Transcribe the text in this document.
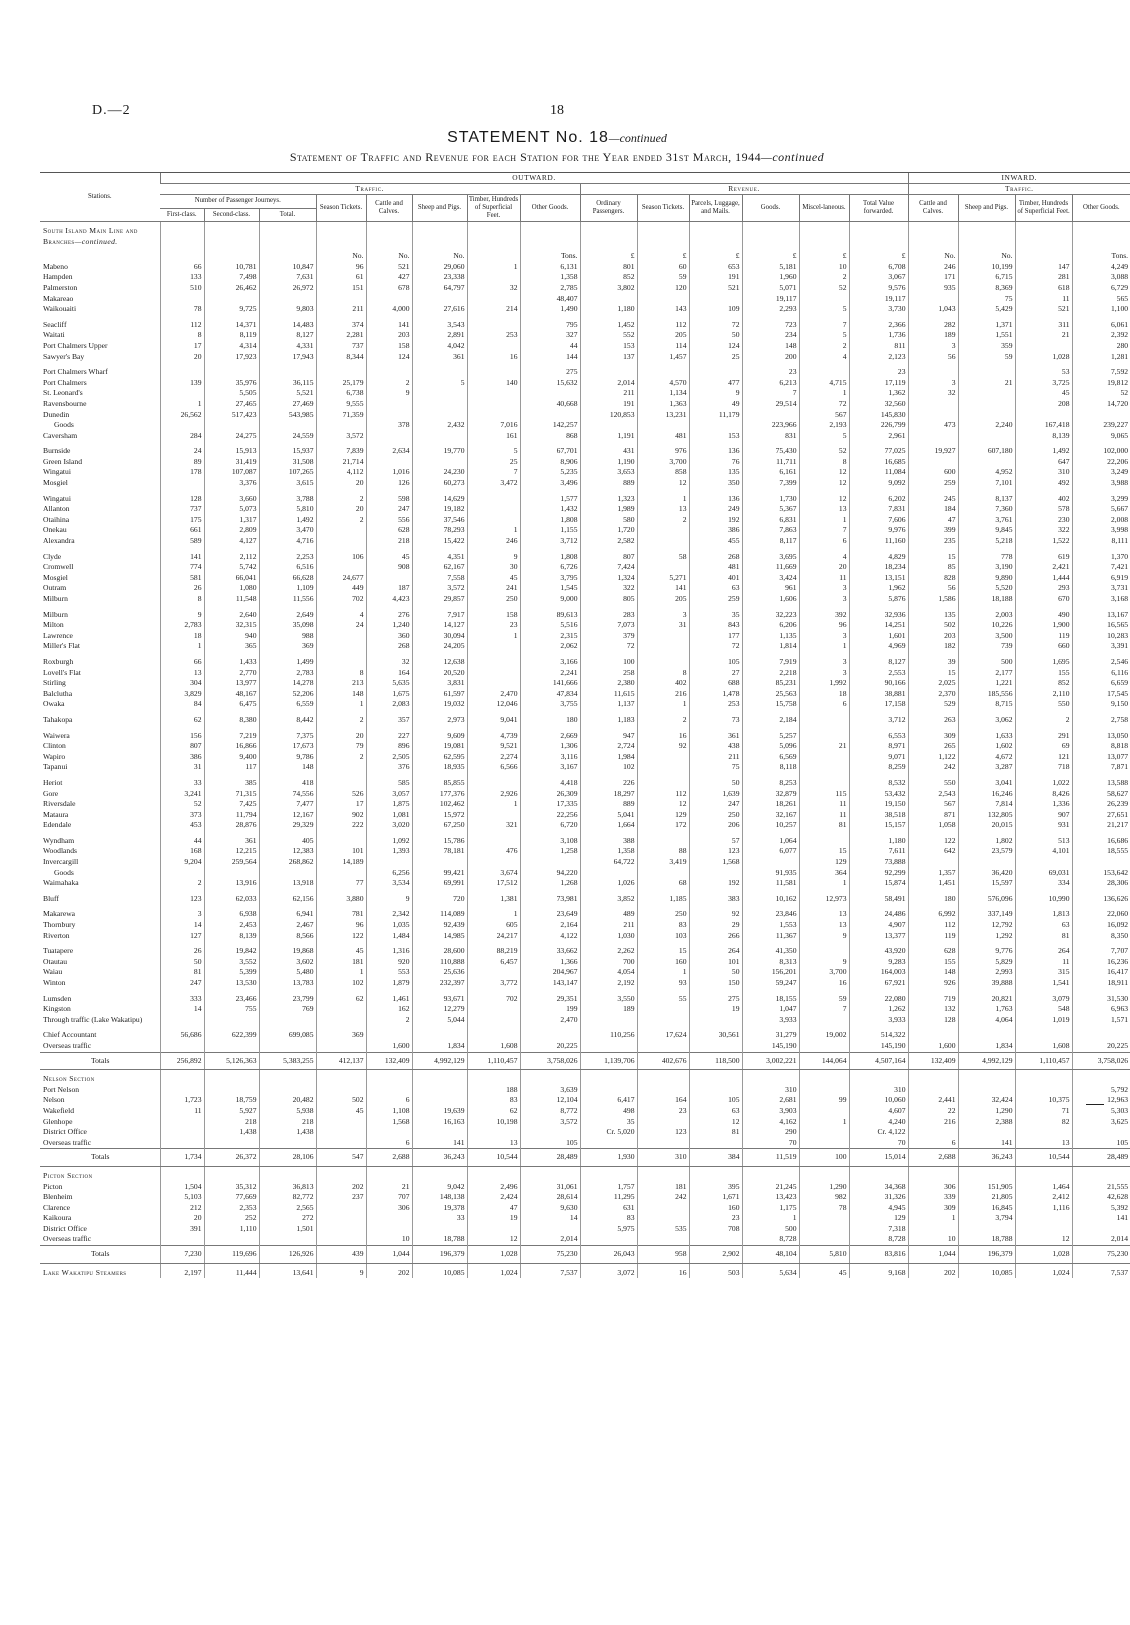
D.—2	18
STATEMENT No. 18—continued
Statement of Traffic and Revenue for each Station for the Year ended 31st March, 1944—continued
Stations.	OUTWARD.														INWARD.			
	Traffic.								Revenue.						Traffic.			
	Number of Passenger Journeys.			Season Tickets.	Cattle and Calves.	Sheep and Pigs.	Timber, Hundreds of Superficial Feet.	Other Goods.	Ordinary Passengers.	Season Tickets.	Parcels, Luggage, and Mails.	Goods.	Miscel-laneous.	Total Value forwarded.	Cattle and Calves.	Sheep and Pigs.	Timber, Hundreds of Superficial Feet.	Other Goods.
	First-class.	Second-class.	Total.															
South Island Main Line and Branches—continued.																		
				No.	No.	No.		Tons.	£	£	£	£	£	£	No.	No.		Tons.
Mabeno	66	10,781	10,847	96	521	29,060	1	6,131	801	60	653	5,181	10	6,708	246	10,199	147	4,249
Hampden	133	7,498	7,631	61	427	23,338		1,358	852	59	191	1,960	2	3,067	171	6,715	281	3,088
Palmerston	510	26,462	26,972	151	678	64,797	32	2,785	3,802	120	521	5,071	52	9,576	935	8,369	618	6,729
Makareao								48,407				19,117		19,117		75	11	565
Waikouaiti	78	9,725	9,803	211	4,000	27,616	214	1,490	1,180	143	109	2,293	5	3,730	1,043	5,429	521	1,100

Seacliff	112	14,371	14,483	374	141	3,543		795	1,452	112	72	723	7	2,366	282	1,371	311	6,061
Waitati	8	8,119	8,127	2,281	203	2,891	253	327	552	205	50	234	5	1,736	189	1,551	21	2,392
Port Chalmers Upper	17	4,314	4,331	737	158	4,042		44	153	114	124	148	2	811	3	359		280
Sawyer's Bay	20	17,923	17,943	8,344	124	361	16	144	137	1,457	25	200	4	2,123	56	59	1,028	1,281

Port Chalmers Wharf								275				23		23			53	7,592
Port Chalmers	139	35,976	36,115	25,179	2	5	140	15,632	2,014	4,570	477	6,213	4,715	17,119	3	21	3,725	19,812
St. Leonard's		5,505	5,521	6,738	9				211	1,134	9	7	1	1,362	32		45	52
Ravensbourne	1	27,465	27,469	9,555				40,668	191	1,363	49	29,514	72	32,560			208	14,720
Dunedin	26,562	517,423	543,985	71,359					120,853	13,231	11,179		567	145,830				
Goods					378	2,432	7,016	142,257				223,966	2,193	226,799	473	2,240	167,418	239,227
Caversham	284	24,275	24,559	3,572			161	868	1,191	481	153	831	5	2,961			8,139	9,065

Burnside	24	15,913	15,937	7,839	2,634	19,770	5	67,701	431	976	136	75,430	52	77,025	19,927	607,180	1,492	102,000
Green Island	89	31,419	31,508	21,714			25	8,906	1,190	3,700	76	11,711	8	16,685			647	22,206
Wingatui	178	107,087	107,265	4,112	1,016	24,230	7	5,235	3,653	858	135	6,161	12	11,084	600	4,952	310	3,249
Mosgiel		3,376	3,615	20	126	60,273	3,472	3,496	889	12	350	7,399	12	9,092	259	7,101	492	3,988

Wingatui	128	3,660	3,788	2	598	14,629		1,577	1,323	1	136	1,730	12	6,202	245	8,137	402	3,299
Allanton	737	5,073	5,810	20	247	19,182		1,432	1,989	13	249	5,367	13	7,831	184	7,360	578	5,667
Otaihina	175	1,317	1,492	2	556	37,546		1,808	580	2	192	6,831	1	7,606	47	3,761	230	2,008
Onekau	661	2,809	3,470		628	78,293	1	1,155	1,720		386	7,863	7	9,976	399	9,845	322	3,998
Alexandra	589	4,127	4,716		218	15,422	246	3,712	2,582		455	8,117	6	11,160	235	5,218	1,522	8,111

Clyde	141	2,112	2,253	106	45	4,351	9	1,808	807	58	268	3,695	4	4,829	15	778	619	1,370
Cromwell	774	5,742	6,516		908	62,167	30	6,726	7,424		481	11,669	20	18,234	85	3,190	2,421	7,421
Mosgiel	581	66,041	66,628	24,677		7,558	45	3,795	1,324	5,271	401	3,424	11	13,151	828	9,890	1,444	6,919
Outram	26	1,080	1,109	449	187	3,572	241	1,545	322	141	63	961	3	1,962	56	5,520	293	3,731
Milburn	8	11,548	11,556	702	4,423	29,857	250	9,000	805	205	259	1,606	3	5,876	1,586	18,188	670	3,168

Milburn	9	2,640	2,649	4	276	7,917	158	89,613	283	3	35	32,223	392	32,936	135	2,003	490	13,167
Milton	2,783	32,315	35,098	24	1,240	14,127	23	5,516	7,073	31	843	6,206	96	14,251	502	10,226	1,900	16,565
Lawrence	18	940	988		360	30,094	1	2,315	379		177	1,135	3	1,601	203	3,500	119	10,283
Miller's Flat	1	365	369		268	24,205		2,062	72		72	1,814	1	4,969	182	739	660	3,391

Roxburgh	66	1,433	1,499		32	12,638		3,166	100		105	7,919	3	8,127	39	500	1,695	2,546
Lovell's Flat	13	2,770	2,783	8	164	20,520		2,241	258	8	27	2,218	3	2,553	15	2,177	155	6,116
Stirling	304	13,977	14,278	213	5,635	3,831		141,666	2,380	402	688	85,231	1,992	90,166	2,025	1,221	852	6,659
Balclutha	3,829	48,167	52,206	148	1,675	61,597	2,470	47,834	11,615	216	1,478	25,563	18	38,881	2,370	185,556	2,110	17,545
Owaka	84	6,475	6,559	1	2,083	19,032	12,046	3,755	1,137	1	253	15,758	6	17,158	529	8,715	550	9,150

Tahakopa	62	8,380	8,442	2	357	2,973	9,041	180	1,183	2	73	2,184		3,712	263	3,062	2	2,758

Waiwera	156	7,219	7,375	20	227	9,609	4,739	2,669	947	16	361	5,257		6,553	309	1,633	291	13,050
Clinton	807	16,866	17,673	79	896	19,081	9,521	1,306	2,724	92	438	5,096	21	8,971	265	1,602	69	8,818
Wapiro	386	9,400	9,786	2	2,505	62,595	2,274	3,116	1,984		211	6,569		9,071	1,122	4,672	121	13,077
Tapanui	31	117	148		376	18,935	6,566	3,167	102		75	8,118		8,259	242	3,287	718	7,871

Heriot	33	385	418		585	85,855		4,418	226		50	8,253		8,532	550	3,041	1,022	13,588
Gore	3,241	71,315	74,556	526	3,057	177,376	2,926	26,309	18,297	112	1,639	32,879	115	53,432	2,543	16,246	8,426	58,627
Riversdale	52	7,425	7,477	17	1,875	102,462	1	17,335	889	12	247	18,261	11	19,150	567	7,814	1,336	26,239
Mataura	373	11,794	12,167	902	1,081	15,972		22,256	5,041	129	250	32,167	11	38,518	871	132,805	907	27,651
Edendale	453	28,876	29,329	222	3,020	67,250	321	6,720	1,664	172	206	10,257	81	15,157	1,058	20,015	931	21,217

Wyndham	44	361	405		1,092	15,786		3,108	388		57	1,064		1,180	122	1,802	513	16,686
Woodlands	168	12,215	12,383	101	1,393	78,181	476	1,258	1,358	88	123	6,077	15	7,611	642	23,579	4,101	18,555
Invercargill	9,204	259,564	268,862	14,189					64,722	3,419	1,568		129	73,888				
Goods					6,256	99,421	3,674	94,220				91,935	364	92,299	1,357	36,420	69,031	153,642
Waimahaka	2	13,916	13,918	77	3,534	69,991	17,512	1,268	1,026	68	192	11,581	1	15,874	1,451	15,597	334	28,306

Bluff	123	62,033	62,156	3,880	9	720	1,381	73,981	3,852	1,185	383	10,162	12,973	58,491	180	576,096	10,990	136,626

Makarewa	3	6,938	6,941	781	2,342	114,089	1	23,649	489	250	92	23,846	13	24,486	6,992	337,149	1,813	22,060
Thornbury	14	2,453	2,467	96	1,035	92,439	605	2,164	211	83	29	1,553	13	4,907	112	12,792	63	16,092
Riverton	127	8,139	8,566	122	1,484	14,985	24,217	4,122	1,030	103	266	11,367	9	13,377	119	1,292	81	8,350

Tuatapere	26	19,842	19,868	45	1,316	28,600	88,219	33,662	2,262	15	264	41,350		43,920	628	9,776	264	7,707
Otautau	50	3,552	3,602	181	920	110,888	6,457	1,366	700	160	101	8,313	9	9,283	155	5,829	11	16,236
Waiau	81	5,399	5,480	1	553	25,636		204,967	4,054	1	50	156,201	3,700	164,003	148	2,993	315	16,417
Winton	247	13,530	13,783	102	1,879	232,397	3,772	143,147	2,192	93	150	59,247	16	67,921	926	39,888	1,541	18,911

Lumsden	333	23,466	23,799	62	1,461	93,671	702	29,351	3,550	55	275	18,155	59	22,080	719	20,821	3,079	31,530
Kingston	14	755	769		162	12,279		199	189		19	1,047	7	1,262	132	1,763	548	6,963
Through traffic (Lake Wakatipu)					2	5,044		2,470				3,933		3,933	128	4,064	1,019	1,571

Chief Accountant	56,686	622,399	699,085	369					110,256	17,624	30,561	31,279	19,002	514,322				
Overseas traffic					1,600	1,834	1,608	20,225				145,190		145,190	1,600	1,834	1,608	20,225
Totals	256,892	5,126,363	5,383,255	412,137	132,409	4,992,129	1,110,457	3,758,026	1,139,706	402,676	118,500	3,002,221	144,064	4,507,164	132,409	4,992,129	1,110,457	3,758,026
Nelson Section																		
Port Nelson							188	3,639				310		310				5,792
Nelson	1,723	18,759	20,482	502	6		83	12,104	6,417	164	105	2,681	99	10,060	2,441	32,424	10,375	12,963
Wakefield	11	5,927	5,938	45	1,108	19,639	62	8,772	498	23	63	3,903		4,607	22	1,290	71	5,303
Glenhope		218	218		1,568	16,163	10,198	3,572	35		12	4,162	1	4,240	216	2,388	82	3,625
District Office		1,438	1,438						Cr. 5,020	123	81	290		Cr. 4,122				
Overseas traffic					6	141	13	105				70		70	6	141	13	105
Totals	1,734	26,372	28,106	547	2,688	36,243	10,544	28,489	1,930	310	384	11,519	100	15,014	2,688	36,243	10,544	28,489
Picton Section																		
Picton	1,504	35,312	36,813	202	21	9,042	2,496	31,061	1,757	181	395	21,245	1,290	34,368	306	151,905	1,464	21,555
Blenheim	5,103	77,669	82,772	237	707	148,138	2,424	28,614	11,295	242	1,671	13,423	982	31,326	339	21,805	2,412	42,628
Clarence	212	2,353	2,565		306	19,378	47	9,630	631		160	1,175	78	4,945	309	16,845	1,116	5,392
Kaikoura	20	252	272			33	19	14	83		23	1		129	1	3,794		141
District Office	391	1,110	1,501						5,975	535	708	500		7,318				
Overseas traffic					10	18,788	12	2,014				8,728		8,728	10	18,788	12	2,014
Totals	7,230	119,696	126,926	439	1,044	196,379	1,028	75,230	26,043	958	2,902	48,104	5,810	83,816	1,044	196,379	1,028	75,230
Lake Wakatipu Steamers	2,197	11,444	13,641	9	202	10,085	1,024	7,537	3,072	16	503	5,634	45	9,168	202	10,085	1,024	7,537
